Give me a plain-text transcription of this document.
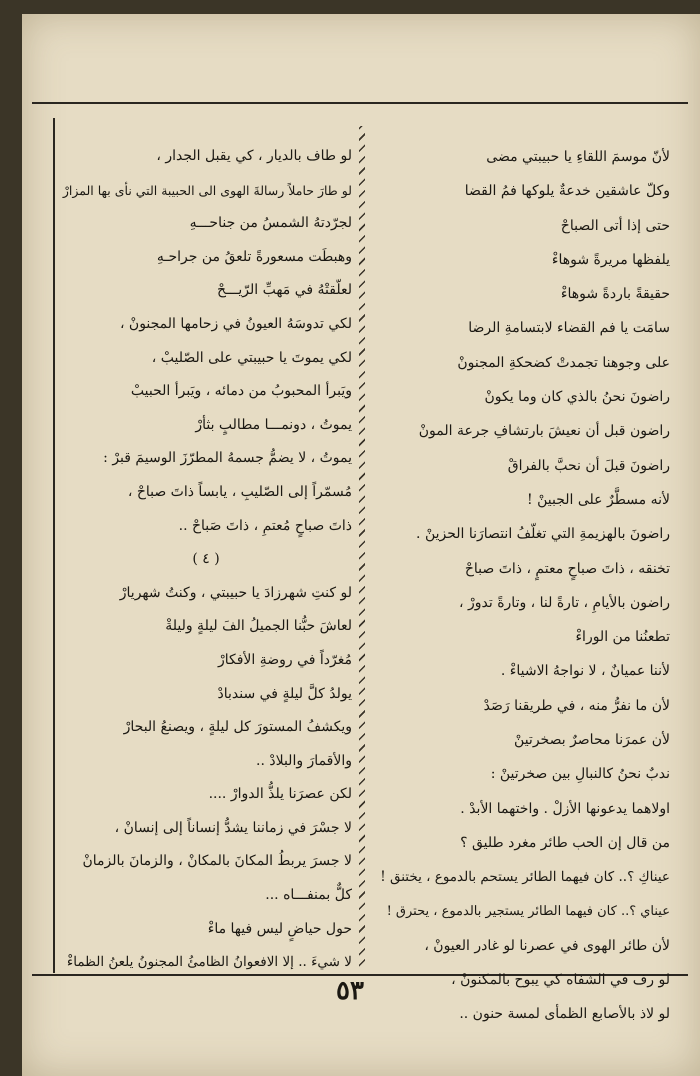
لأنّ موسمَ اللقاءِ يا حبيبتي مضى
وكلّ عاشقين خدعةٌ يلوكها فمُ القضا
حتى إذا أتى الصباحْ
يلفظها مريرةً شوهاءْ
حقيقةً باردةً شوهاءْ
سامَت يا فم القضاء لابتسامةِ الرضا
على وجوهنا تجمدتْ كضحكةِ المجنونْ
راضونَ نحنُ بالذي كان وما يكونْ
راضون قبل أن نعيشَ بارتشافِ جرعة المونْ
راضونَ قبلَ أن نحبَّ بالفراقْ
لأنه مسطَّرٌ على الجبينْ !
راضونَ بالهزيمةِ التي تغلّفُ انتصارَنا الحزينْ .
تخنقه ، ذاتَ صباحٍ معتمٍ ، ذاتَ صباحْ
راضون بالأيامِ ، تارةً لنا ، وتارةً تدورْ ،
تطعنُنا من الوراءْ
لأننا عميانٌ ، لا نواجهُ الاشياءْ .
لأن ما نفرُّ منه ، في طريقنا رَصَدْ
لأن عمرَنا محاصرٌ بصخرتينْ
ندبٌ نحنُ كالنبالِ بين صخرتينْ :
اولاهما يدعونها الأزلْ . واختهما الأبدْ .
من قال إن الحب طائر مغرد طليق ؟
عيناكِ ؟.. كان فيهما الطائر يستحم بالدموع ، يختنق !
عيناي ؟.. كان فيهما الطائر يستجير بالدموع ، يحترق !
لأن طائر الهوى في عصرنا لو غادر العيونْ ،
لو رف في الشفاه كي يبوح بالمكنونْ ،
لو لاذ بالأصابع الظمأى لمسة حنون ..
لو طاف بالديار ، كي يقبل الجدار ،
لو طارَ حاملاً رسالةَ الهوى الى الحبيبة التي نأى بها المزارْ
لجرّدتهُ الشمسُ من جناحـــهِ
وهبطَت مسعورةً تلعقُ من جراحـهِ
لعلّقتْهُ في مَهبِّ الرّيـــحْ
لكي تدوسَهُ العيونُ في زحامها المجنونْ ،
لكي يموتَ يا حبيبتي على الصّليبْ ،
ويَبرأ المحبوبُ من دمائه ، ويَبرأ الحبيبْ
يموتُ ، دونمـــا مطالبٍ بثأرْ
يموتُ ، لا يضمُّ جسمهُ المطرّزَ الوسيمَ قبرْ :
مُسمّراً إلى الصّليبِ ، يابساً ذاتَ صباحْ ،
ذاتَ صباحٍ مُعتمِ ، ذاتَ صَباحْ ..
( ٤ )
لو كنتِ شهرزادَ يا حبيبتي ، وكنتُ شهريارْ
لعاشَ حبُّنا الجميلُ الفَ ليلةٍ وليلةْ
مُغرّداً في روضةِ الأفكارْ
يولدُ كلَّ ليلةٍ في سندبادْ
ويكشفُ المستورَ كل ليلةٍ ، ويصنعُ البحارْ
والأقمارَ والبلادْ ..
لكن عصرَنا يلذُّ الدوارْ ....
لا جسْرَ في زماننا يشدُّ إنساناً إلى إنسانْ ،
لا جسرَ يربطُ المكانَ بالمكانْ ، والزمانَ بالزمانْ
كلٌّ بمنفـــاه ...
حول حياضٍ ليس فيها ماءْ
لا شيءَ .. إلا الافعوانُ الظامئُ المجنونُ يلعنُ الظماءْ
٥٣
